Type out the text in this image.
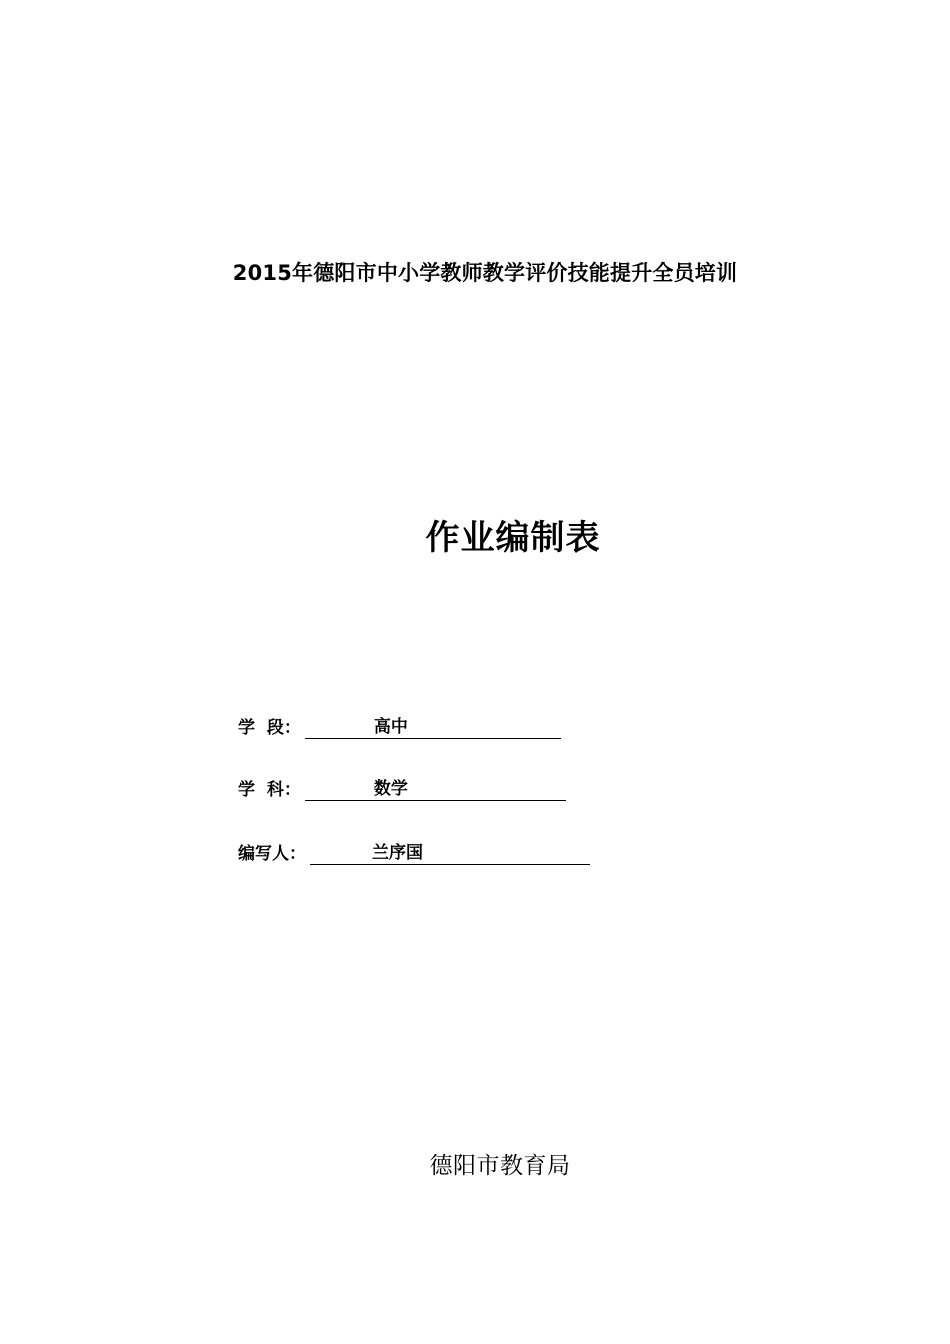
2015年德阳市中小学教师教学评价技能提升全员培训
作业编制表
学  段：	高中
学  科：	数学
编写人：	兰序国

德阳市教育局
